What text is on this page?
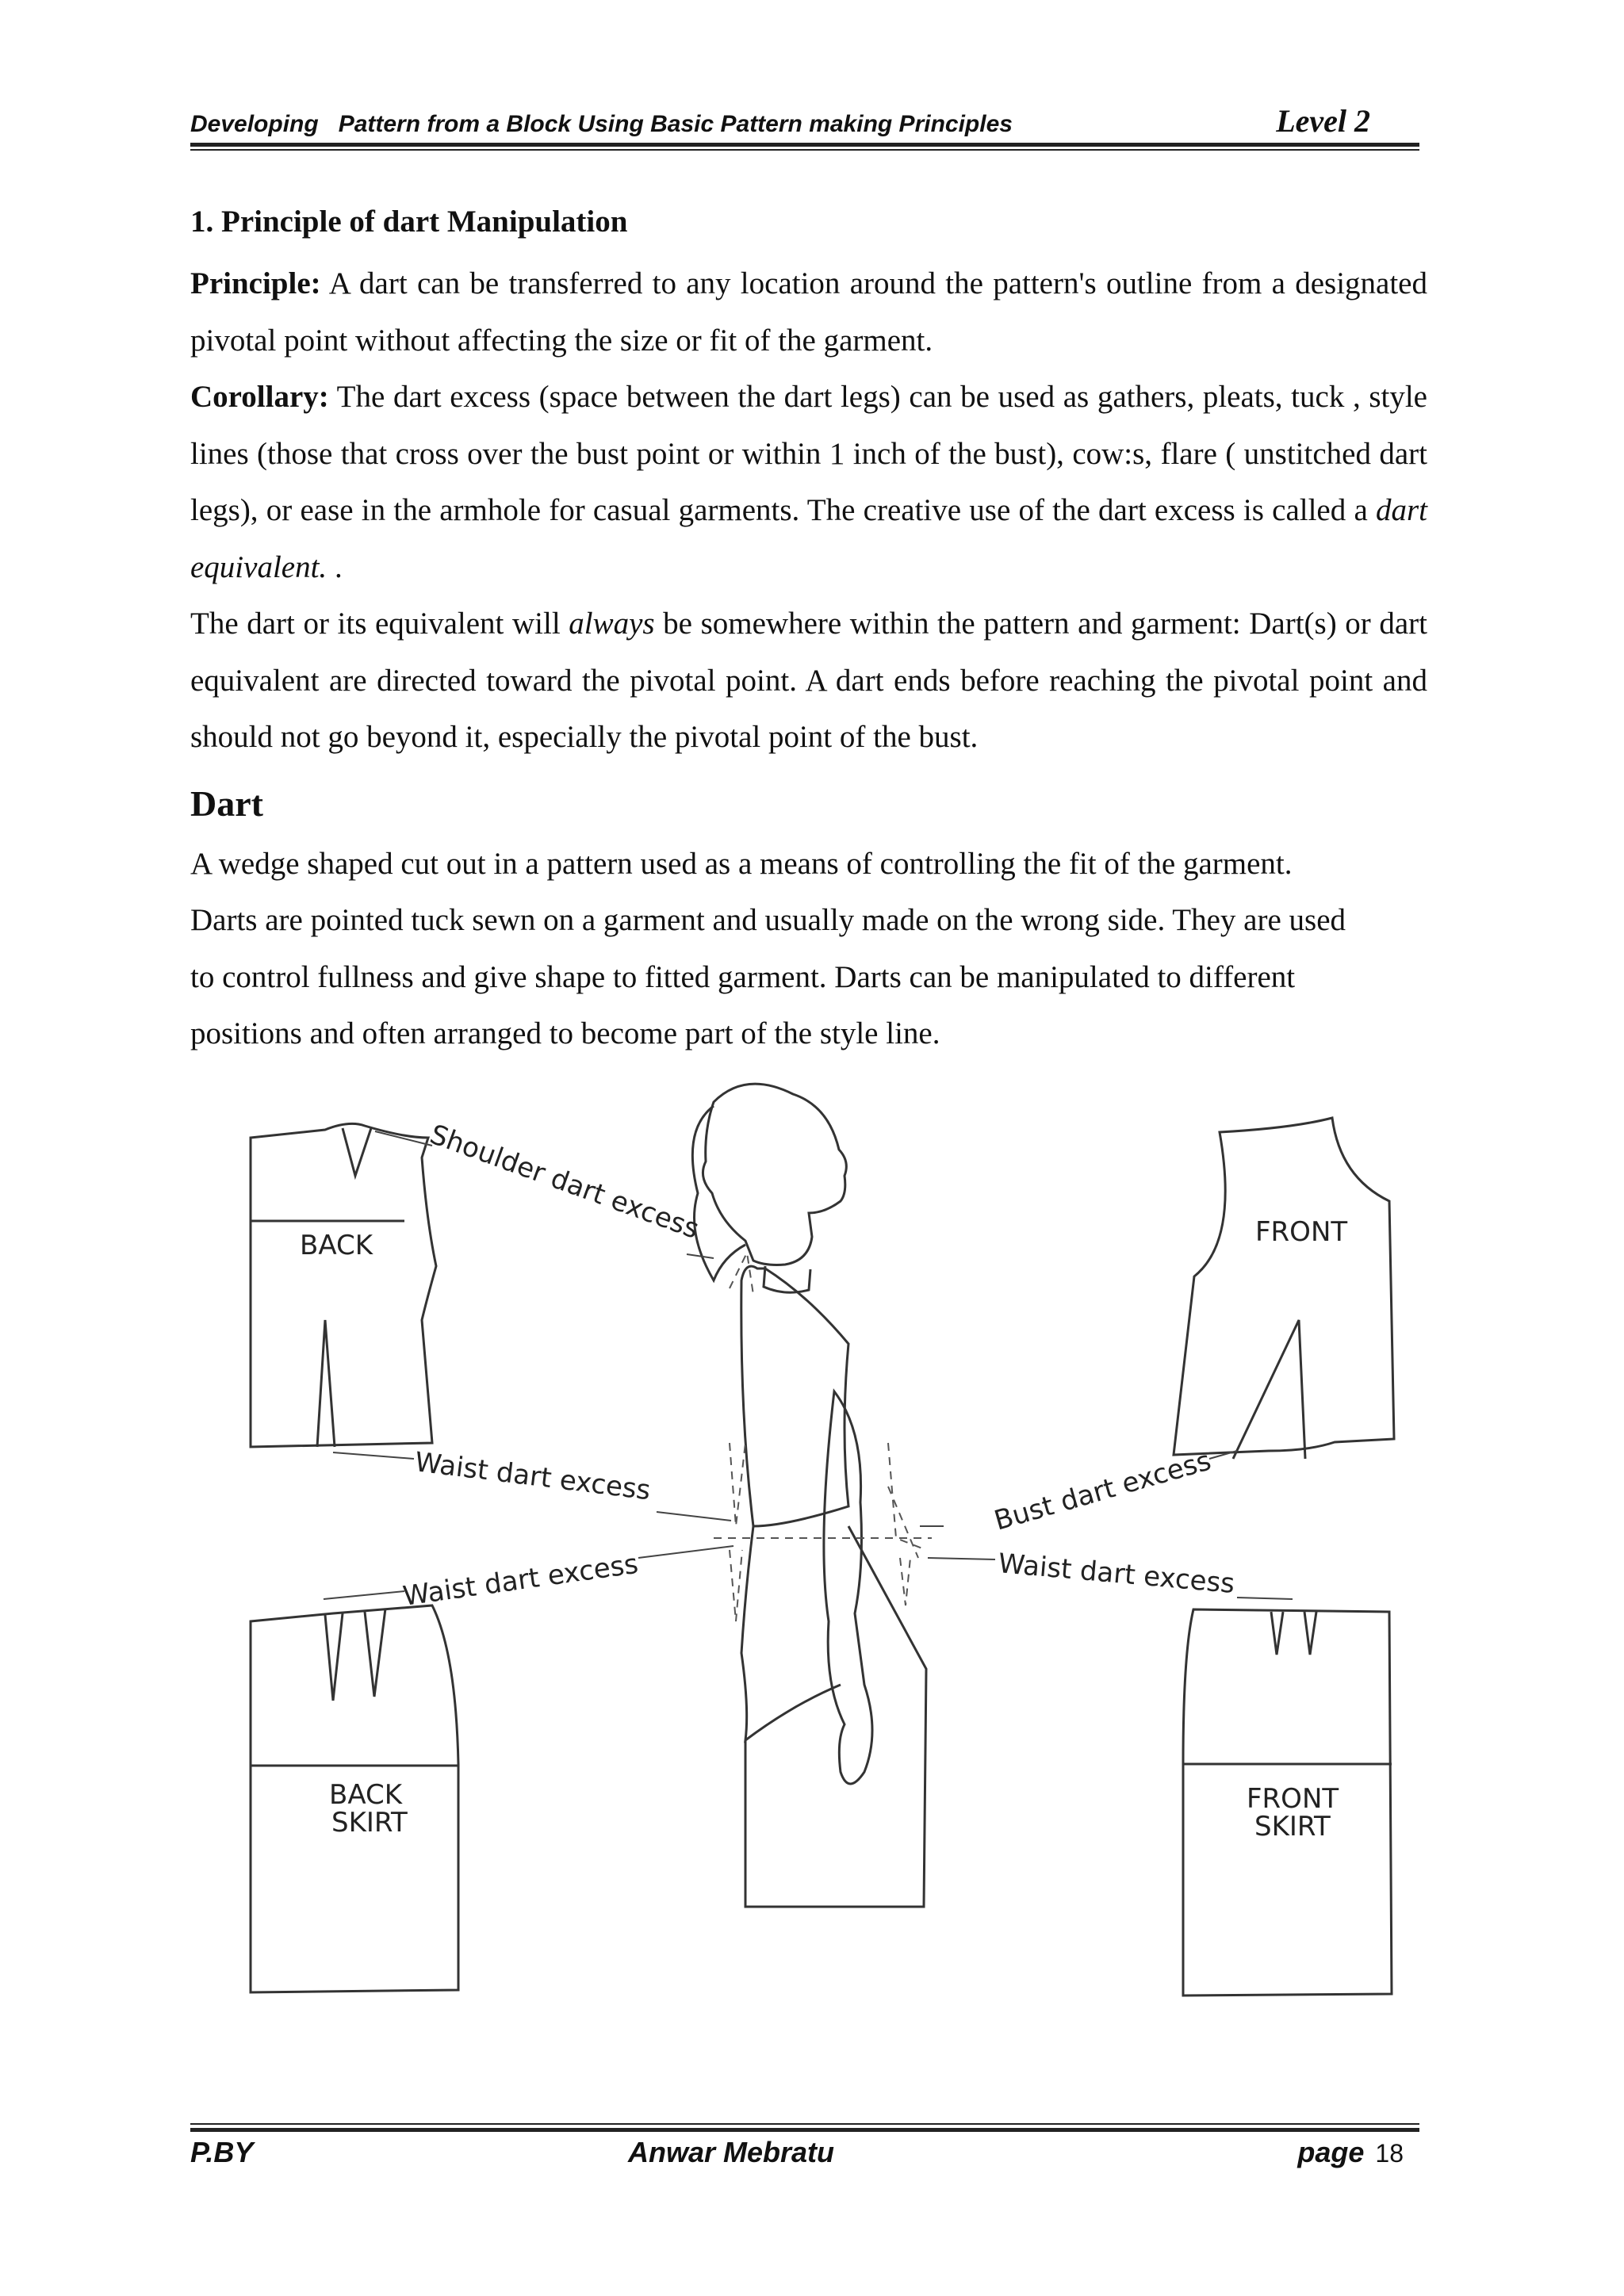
Developing   Pattern from a Block Using Basic Pattern making Principles	Level 2
1. Principle of dart Manipulation

Principle: A dart can be transferred to any location around the pattern's outline from a designated pivotal point without affecting the size or fit of the garment.

Corollary: The dart excess (space between the dart legs) can be used as gathers, pleats, tuck , style lines (those that cross over the bust point or within 1 inch of the bust), cow:s, flare ( unstitched dart legs), or ease in the armhole for casual garments. The creative use of the dart excess is called a dart equivalent. .

The dart or its equivalent will always be somewhere within the pattern and garment: Dart(s) or dart equivalent are directed toward the pivotal point. A dart ends before reaching the pivotal point and should not go beyond it, especially the pivotal point of the bust.

Dart

A wedge shaped cut out in a pattern used as a means of controlling the fit of the garment.

Darts are pointed tuck sewn on a garment and usually made on the wrong side. They are used

to control fullness and give shape to fitted garment. Darts can be manipulated to different

positions and often arranged to become part of the style line.

Shoulder dart excess
Waist dart excess
Waist dart excess
Bust dart excess
Waist dart excess
BACK	FRONT
BACK
SKIRT
FRONT
SKIRT
P.BY	Anwar Mebratu	page 18
